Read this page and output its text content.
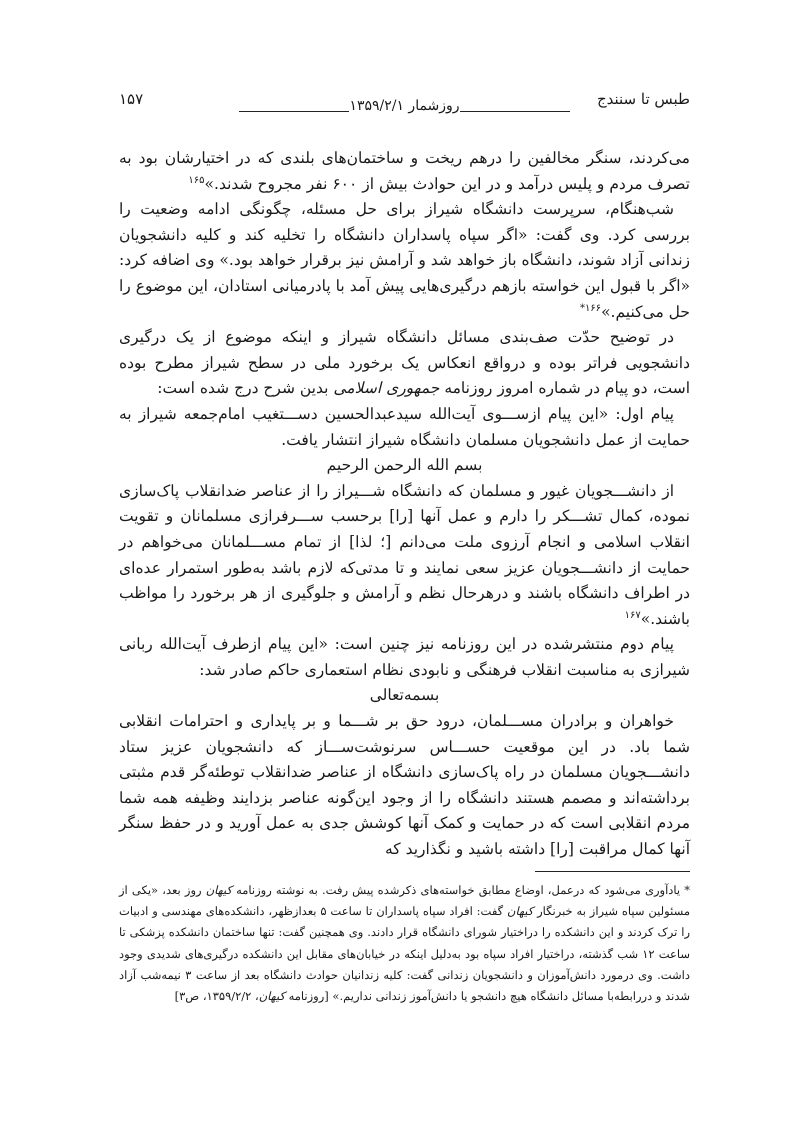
طبس تا سنندج
روزشمار ۱۳۵۹/۲/۱
۱۵۷

می‌کردند، سنگر مخالفین را درهم ریخت و ساختمان‌های بلندی که در اختیارشان بود به تصرف مردم و پلیس درآمد و در این حوادث بیش از ۶۰۰ نفر مجروح شدند.»$^{۱۶۵}$

شب‌هنگام، سرپرست دانشگاه شیراز برای حل مسئله، چگونگی ادامه وضعیت را بررسی کرد. وی گفت: «اگر سپاه پاسداران دانشگاه را تخلیه کند و کلیه دانشجویان زندانی آزاد شوند، دانشگاه باز خواهد شد و آرامش نیز برقرار خواهد بود.» وی اضافه کرد: «اگر با قبول این خواسته بازهم درگیری‌هایی پیش آمد با پادرمیانی استادان، این موضوع را حل می‌کنیم.»$^{۱۶۶*}$

در توضیح حدّت صف‌بندی مسائل دانشگاه شیراز و اینکه موضوع از یک درگیری دانشجویی فراتر بوده و درواقع انعکاس یک برخورد ملی در سطح شیراز مطرح بوده است، دو پیام در شماره امروز روزنامه جمهوری اسلامی بدین شرح درج شده است:

پیام اول: «این پیام ازســـوی آیت‌الله سیدعبدالحسین دســـتغیب امام‌جمعه شیراز به حمایت از عمل دانشجویان مسلمان دانشگاه شیراز انتشار یافت.

بسم الله الرحمن الرحیم

از دانشـــجویان غیور و مسلمان که دانشگاه شـــیراز را از عناصر ضدانقلاب پاک‌سازی نموده، کمال تشـــکر را دارم و عمل آنها [را] برحسب ســـرفرازی مسلمانان و تقویت انقلاب اسلامی و انجام آرزوی ملت می‌دانم [؛ لذا] از تمام مســـلمانان می‌خواهم در حمایت از دانشـــجویان عزیز سعی نمایند و تا مدتی‌که لازم باشد به‌طور استمرار عده‌ای در اطراف دانشگاه باشند و درهرحال نظم و آرامش و جلوگیری از هر برخورد را مواظب باشند.»$^{۱۶۷}$

پیام دوم منتشرشده در این روزنامه نیز چنین است: «این پیام ازطرف آیت‌الله ربانی شیرازی به مناسبت انقلاب فرهنگی و نابودی نظام استعماری حاکم صادر شد:

بسمه‌تعالی

خواهران و برادران مســـلمان، درود حق بر شـــما و بر پایداری و احترامات انقلابی شما باد. در این موقعیت حســـاس سرنوشت‌ســـاز که دانشجویان عزیز ستاد دانشـــجویان مسلمان در راه پاک‌سازی دانشگاه از عناصر ضدانقلاب توطئه‌گر قدم مثبتی برداشته‌اند و مصمم هستند دانشگاه را از وجود این‌گونه عناصر بزدایند وظیفه همه شما مردم انقلابی است که در حمایت و کمک آنها کوشش جدی به عمل آورید و در حفظ سنگر آنها کمال مراقبت [را] داشته باشید و نگذارید که

* یادآوری می‌شود که درعمل، اوضاع مطابق خواسته‌های ذکرشده پیش رفت. به نوشته روزنامه کیهان روز بعد، «یکی از مسئولین سپاه شیراز به خبرنگار کیهان گفت: افراد سپاه پاسداران تا ساعت ۵ بعدازظهر، دانشکده‌های مهندسی و ادبیات را ترک کردند و این دانشکده را دراختیار شورای دانشگاه قرار دادند. وی همچنین گفت: تنها ساختمان دانشکده پزشکی تا ساعت ۱۲ شب گذشته، دراختیار افراد سپاه بود به‌دلیل اینکه در خیابان‌های مقابل این دانشکده درگیری‌های شدیدی وجود داشت. وی درمورد دانش‌آموزان و دانشجویان زندانی گفت: کلیه زندانیان حوادث دانشگاه بعد از ساعت ۳ نیمه‌شب آزاد شدند و دررابطه‌با مسائل دانشگاه هیچ دانشجو یا دانش‌آموز زندانی نداریم.» [روزنامه کیهان، ۱۳۵۹/۲/۲، ص۳]
